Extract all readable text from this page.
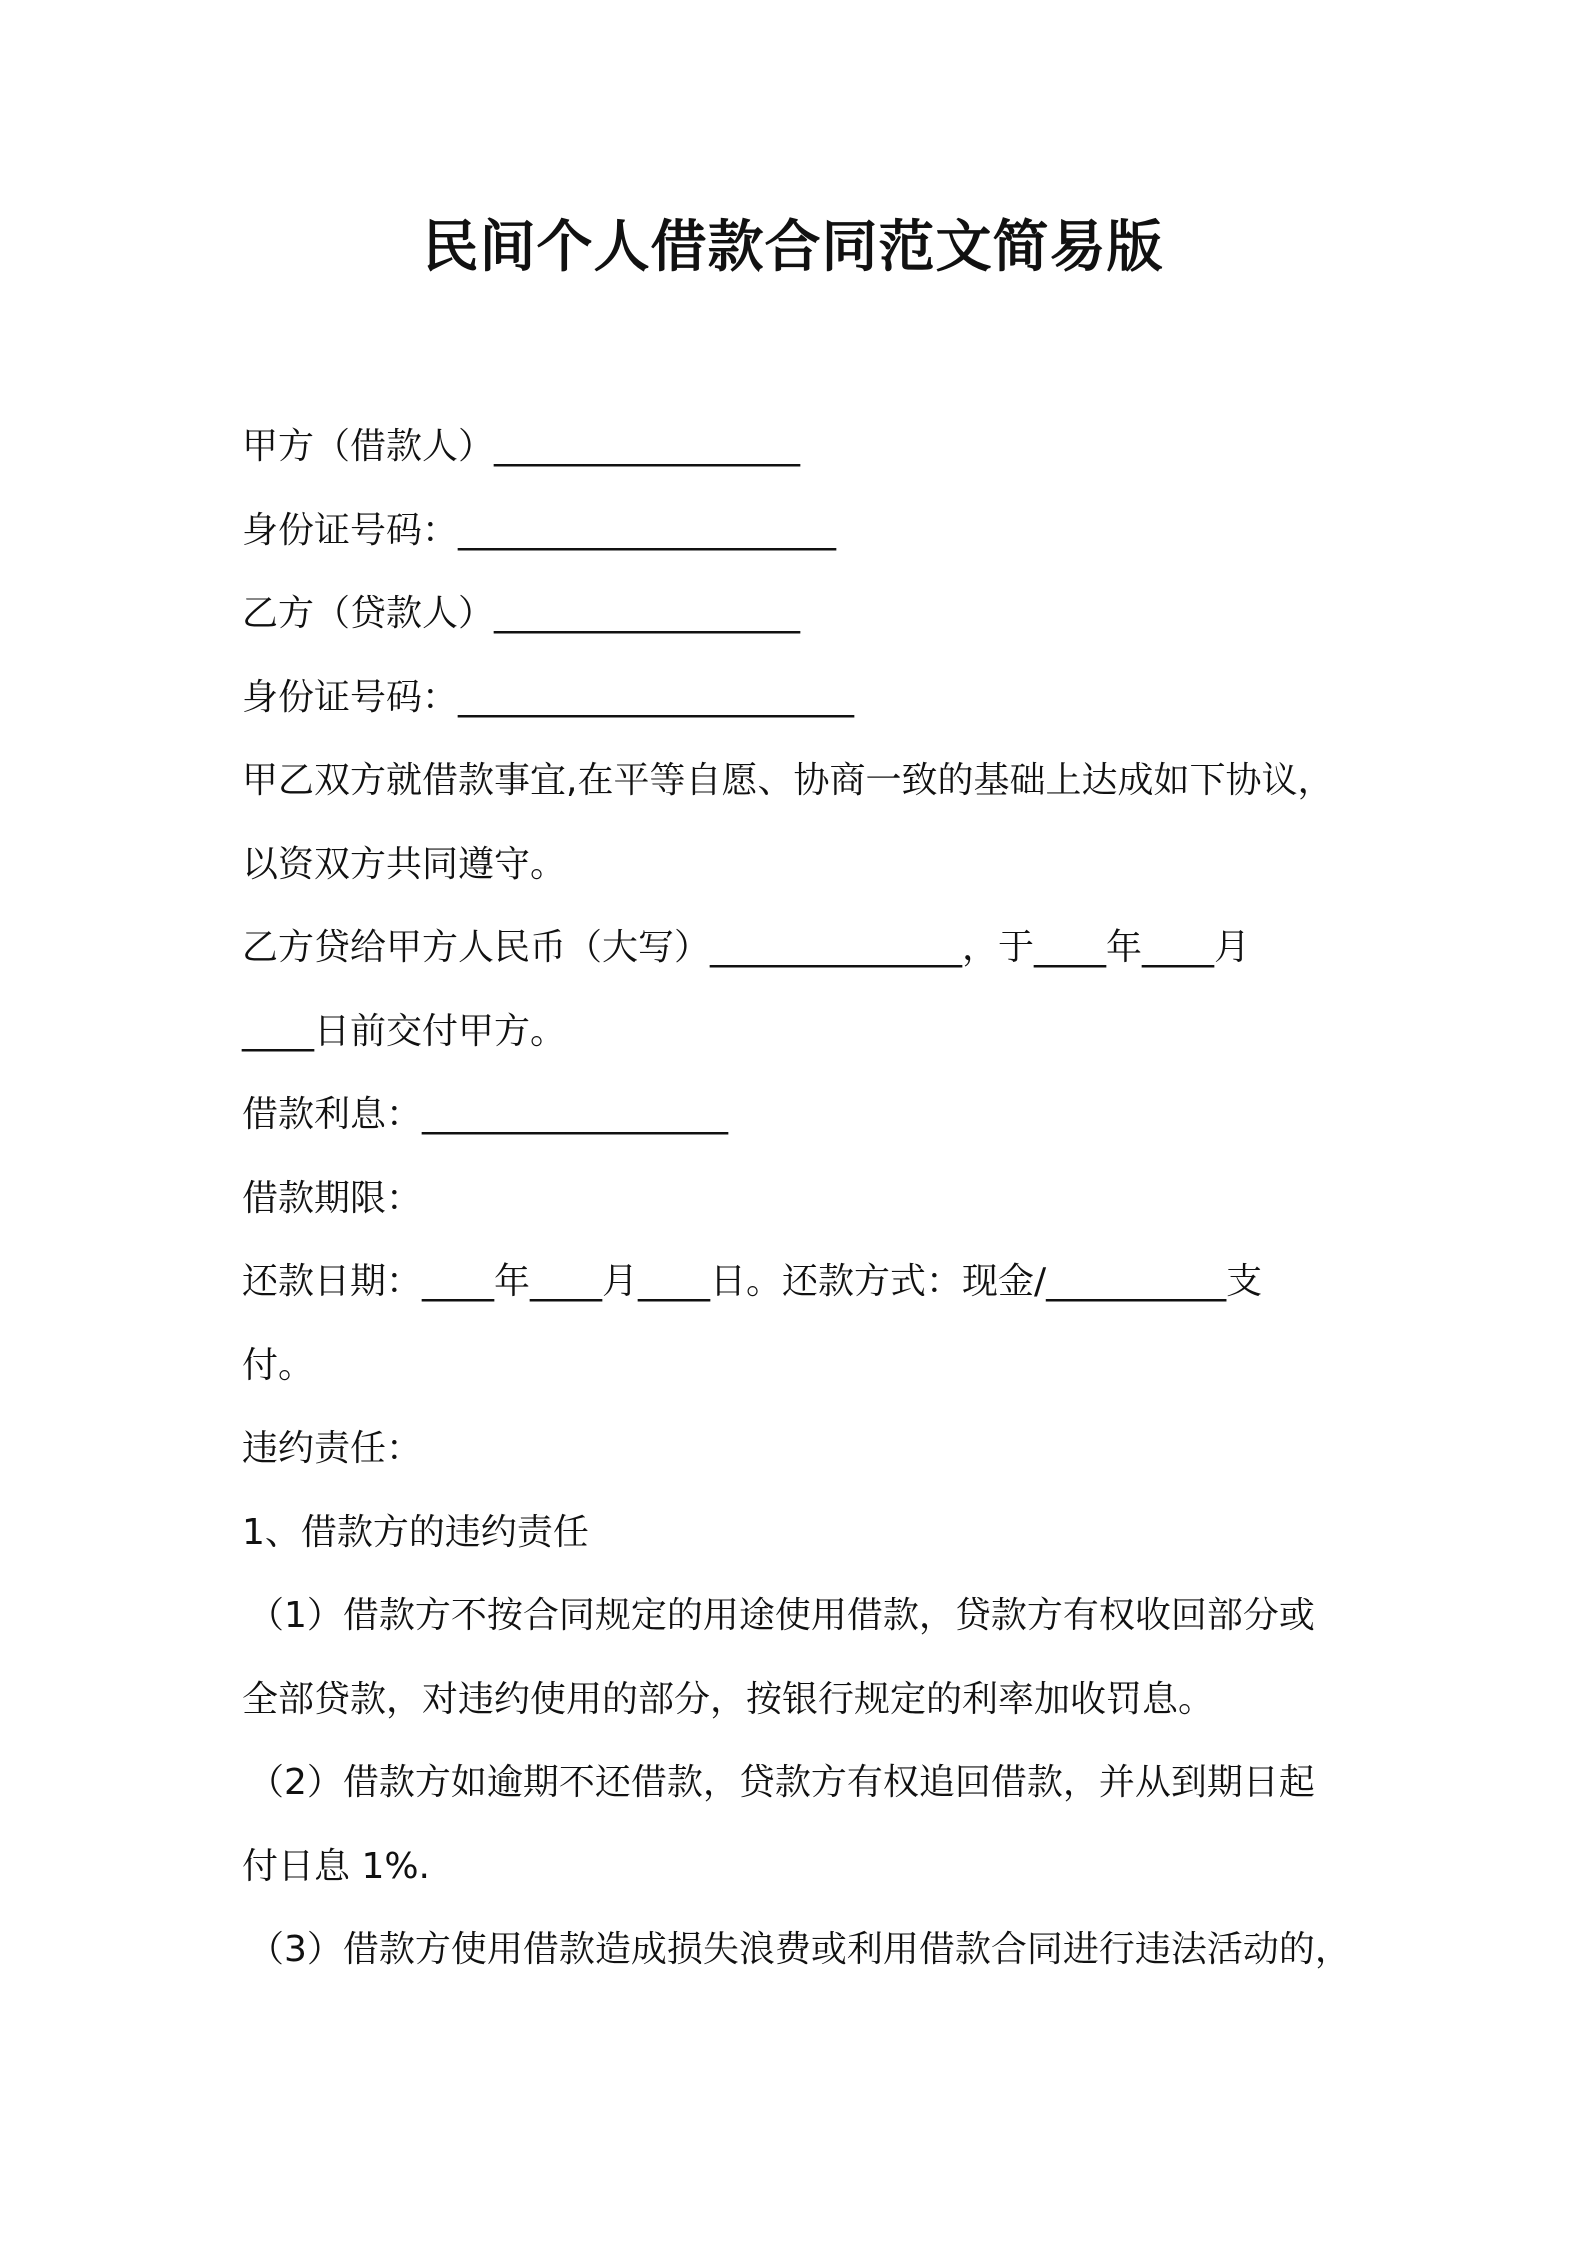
民间个人借款合同范文简易版
甲方（借款人）_________________
身份证号码：_____________________
乙方（贷款人）_________________
身份证号码：______________________
甲乙双方就借款事宜,在平等自愿、协商一致的基础上达成如下协议，
以资双方共同遵守。
乙方贷给甲方人民币（大写）______________，于____年____月
____日前交付甲方。
借款利息：_________________
借款期限：
还款日期：____年____月____日。还款方式：现金/__________支
付。
违约责任：
1、借款方的违约责任
（1）借款方不按合同规定的用途使用借款，贷款方有权收回部分或
全部贷款，对违约使用的部分，按银行规定的利率加收罚息。
（2）借款方如逾期不还借款，贷款方有权追回借款，并从到期日起
付日息 1%.
（3）借款方使用借款造成损失浪费或利用借款合同进行违法活动的，
